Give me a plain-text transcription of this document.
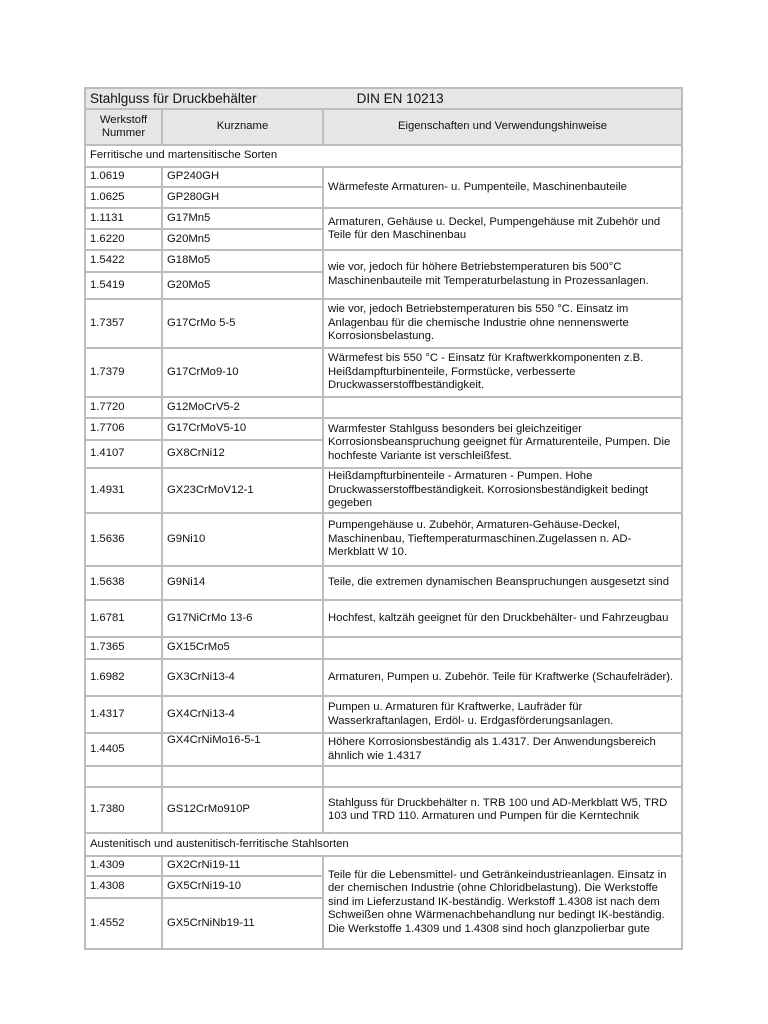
Stahlguss für Druckbehälter DIN EN 10213		
Werkstoff Nummer	Kurzname	Eigenschaften und Verwendungshinweise
Ferritische und martensitische Sorten		
1.0619	GP240GH	Wärmefeste Armaturen- u. Pumpenteile, Maschinenbauteile
1.0625	GP280GH	
1.1131	G17Mn5	Armaturen, Gehäuse u. Deckel, Pumpengehäuse mit Zubehör und Teile für den Maschinenbau
1.6220	G20Mn5	
1.5422	G18Mo5	wie vor, jedoch für höhere Betriebstemperaturen bis 500°C Maschinenbauteile mit Temperaturbelastung in Prozessanlagen.
1.5419	G20Mo5	
1.7357	G17CrMo 5-5	wie vor, jedoch Betriebstemperaturen bis 550 °C. Einsatz im Anlagenbau für die chemische Industrie ohne nennenswerte Korrosionsbelastung.
1.7379	G17CrMo9-10	Wärmefest bis 550 °C - Einsatz für Kraftwerkkomponenten z.B. Heißdampfturbinenteile, Formstücke, verbesserte Druckwasserstoffbeständigkeit.
1.7720	G12MoCrV5-2	
1.7706	G17CrMoV5-10	Warmfester Stahlguss besonders bei gleichzeitiger Korrosionsbeanspruchung geeignet für Armaturenteile, Pumpen. Die hochfeste Variante ist verschleißfest.
1.4107	GX8CrNi12	
1.4931	GX23CrMoV12-1	Heißdampfturbinenteile - Armaturen - Pumpen. Hohe Druckwasserstoffbeständigkeit. Korrosionsbeständigkeit bedingt gegeben
1.5636	G9Ni10	Pumpengehäuse u. Zubehör, Armaturen-Gehäuse-Deckel, Maschinenbau, Tieftemperaturmaschinen.Zugelassen n. AD-Merkblatt W 10.
1.5638	G9Ni14	Teile, die extremen dynamischen Beanspruchungen ausgesetzt sind
1.6781	G17NiCrMo 13-6	Hochfest, kaltzäh geeignet für den Druckbehälter- und Fahrzeugbau
1.7365	GX15CrMo5	
1.6982	GX3CrNi13-4	Armaturen, Pumpen u. Zubehör. Teile für Kraftwerke (Schaufelräder).
1.4317	GX4CrNi13-4	Pumpen u. Armaturen für Kraftwerke, Laufräder für Wasserkraftanlagen, Erdöl- u. Erdgasförderungsanlagen.
1.4405	GX4CrNiMo16-5-1	Höhere Korrosionsbeständig als 1.4317. Der Anwendungsbereich ähnlich wie 1.4317

1.7380	GS12CrMo910P	Stahlguss für Druckbehälter n. TRB 100 und AD-Merkblatt W5, TRD 103 und TRD 110. Armaturen und Pumpen für die Kerntechnik
Austenitisch und austenitisch-ferritische Stahlsorten		
1.4309	GX2CrNi19-11	Teile für die Lebensmittel- und Getränkeindustrieanlagen. Einsatz in der chemischen Industrie (ohne Chloridbelastung). Die Werkstoffe sind im Lieferzustand IK-beständig. Werkstoff 1.4308 ist nach dem Schweißen ohne Wärmenachbehandlung nur bedingt IK-beständig. Die Werkstoffe 1.4309 und 1.4308 sind hoch glanzpolierbar gute
1.4308	GX5CrNi19-10	
1.4552	GX5CrNiNb19-11	
